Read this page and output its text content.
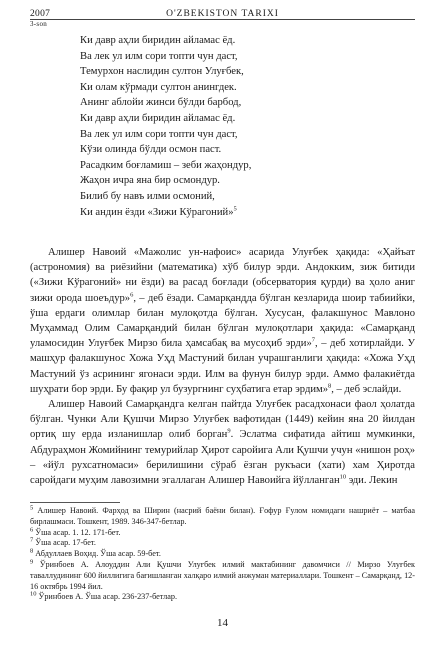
2007	O'ZBEKISTON TARIXI
3-son
Ки давр аҳли биридин айламас ёд.
Ва лек ул илм сори топти чун даст,
Темурхон наслидин султон Улуғбек,
Ки олам кўрмади султон анингдек.
Анинг аблойи жинси бўлди барбод,
Ки давр аҳли биридин айламас ёд.
Ва лек ул илм сори топти чун даст,
Кўзи олинда бўлди осмон паст.
Расадким боғламиш – зеби жаҳондур,
Жаҳон ичра яна бир осмондур.
Билиб бу навъ илми осмоний,
Ки андин ёзди «Зижи Кўрагоний»$^5$

Алишер Навоий «Мажолис ун-нафоис» асарида Улуғбек ҳақида: «Ҳайъат (астрономия) ва риёзийни (математика) хўб билур эрди. Андокким, зиж битиди («Зижи Кўрагоний» ни ёзди) ва расад боғлади (обсерватория қурди) ва ҳоло аниг зижи орода шоеъдур»$^6$, – деб ёзади. Самарқандда бўлган кезларида шоир табиийки, ўша ердаги олимлар билан мулоқотда бўлган. Хусусан, фалакшунос Мавлоно Муҳаммад Олим Самарқандий билан бўлган мулоқотлари ҳақида: «Самарқанд уламосидин Улуғбек Мирзо била ҳамсабақ ва мусоҳиб эрди»$^7$, – деб хотирлайди. У машҳур фалакшунос Хожа Уҳд Мастуний билан учрашганлиги ҳақида: «Хожа Уҳд Мастуний ўз асрининг ягонаси эрди. Илм ва фунун билур эрди. Аммо фалакиётда шуҳрати бор эрди. Бу фақир ул бузургнинг суҳбатига етар эрдим»$^8$, – деб эслайди.

Алишер Навоий Самарқандга келган пайтда Улуғбек расадхонаси фаол ҳолатда бўлган. Чунки Али Қушчи Мирзо Улуғбек вафотидан (1449) кейин яна 20 йилдан ортиқ шу ерда изланишлар олиб борган$^9$. Эслатма сифатида айтиш мумкинки, Абдураҳмон Жомийнинг темурийлар Ҳирот саройига Али Қушчи учун «нишон роҳ» – «йўл рухсатномаси» берилишини сўраб ёзган рукъаси (хати) хам Ҳиротда саройдаги муҳим лавозимни эгаллаган Алишер Навоийга йўлланган$^{10}$ эди. Лекин

$^5$ Алишер Навоий. Фарҳод ва Ширин (насрий баёни билан). Ғофур Ғулом номидаги нашриёт – матбаа бирлашмаси. Тошкент, 1989. 346-347-бетлар.
$^6$ Ўша асар. 1. 12. 171-бет.
$^7$ Ўша асар. 17-бет.
$^8$ Абдуллаев Воҳид. Ўша асар. 59-бет.
$^9$ Ўринбоев А. Алоуддин Али Қушчи Улуғбек илмий мактабининг давомчиси // Мирзо Улуғбек таваллудининг 600 йиллигига бағишланган халқаро илмий анжуман материаллари. Тошкент – Самарқанд, 12-16 октябрь 1994 йил.
$^{10}$ Ўринбоев А. Ўша асар. 236-237-бетлар.
14
